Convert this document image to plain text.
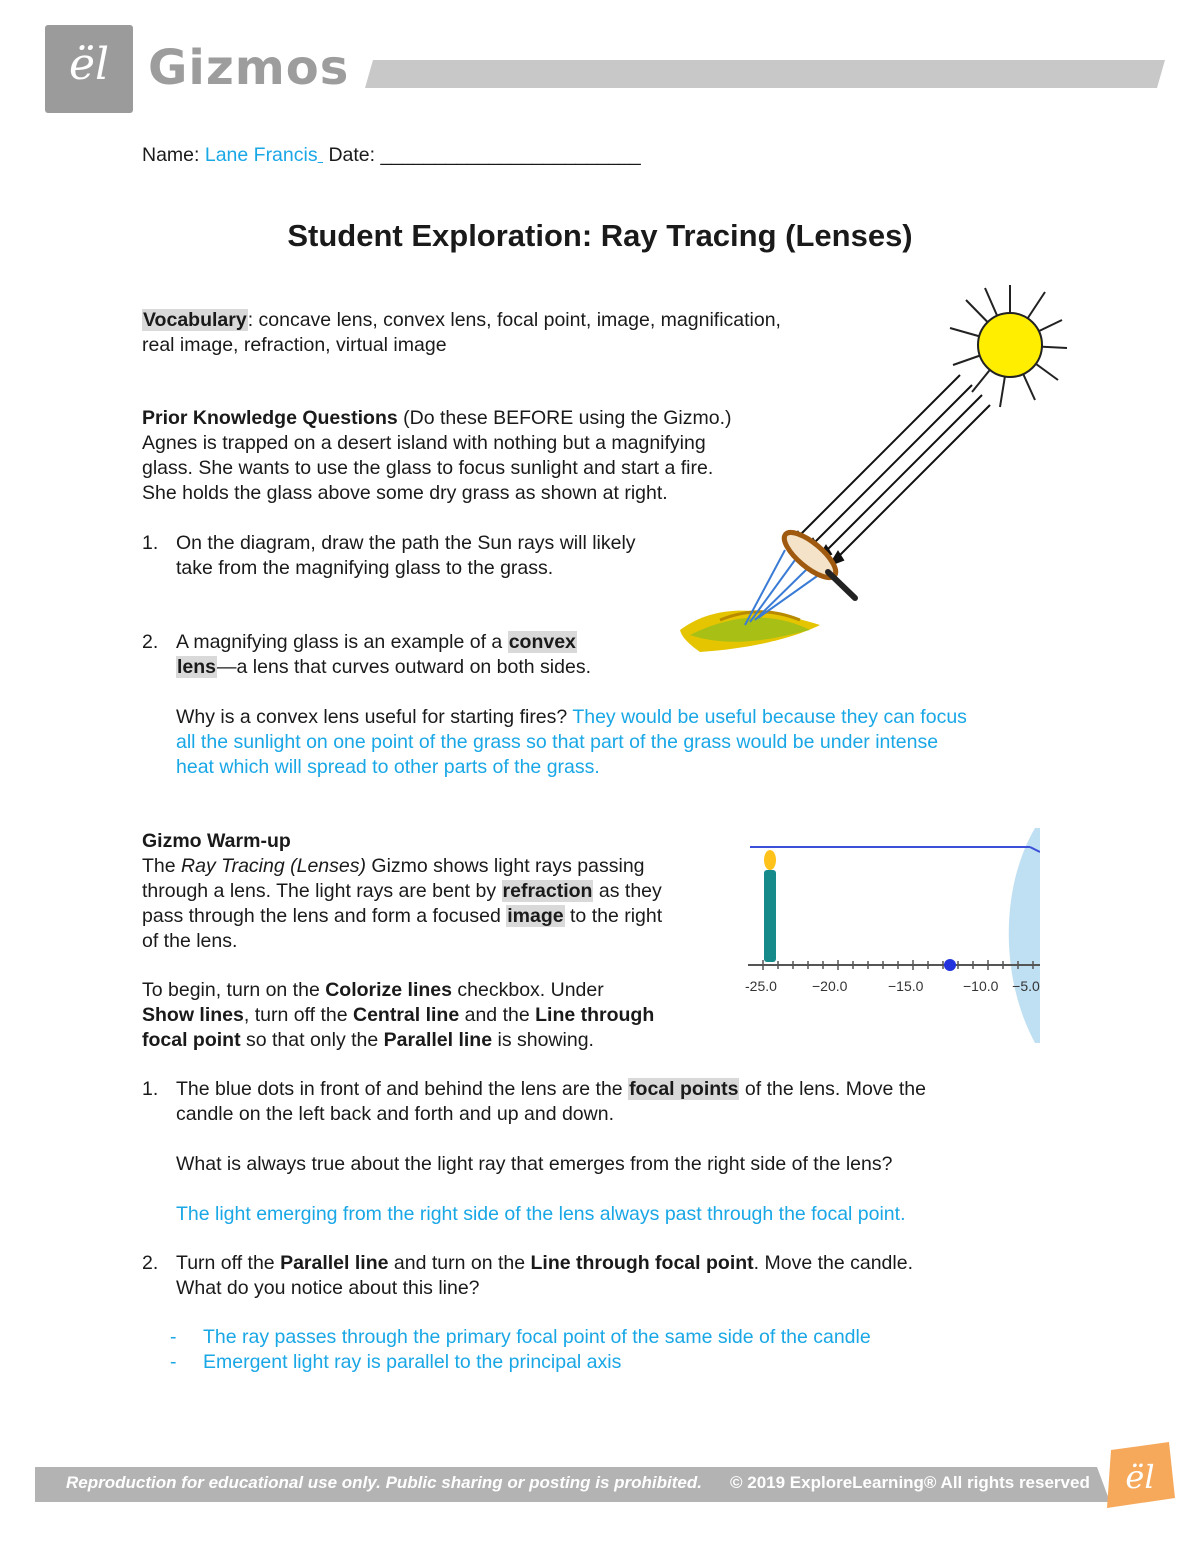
ël Gizmos
Name: Lane Francis Date: ________________________
Student Exploration: Ray Tracing (Lenses)
Vocabulary: concave lens, convex lens, focal point, image, magnification,
real image, refraction, virtual image
Prior Knowledge Questions (Do these BEFORE using the Gizmo.)
Agnes is trapped on a desert island with nothing but a magnifying
glass. She wants to use the glass to focus sunlight and start a fire.
She holds the glass above some dry grass as shown at right.
1. On the diagram, draw the path the Sun rays will likely
take from the magnifying glass to the grass.
2. A magnifying glass is an example of a convex
lens—a lens that curves outward on both sides.
Why is a convex lens useful for starting fires? They would be useful because they can focus
all the sunlight on one point of the grass so that part of the grass would be under intense
heat which will spread to other parts of the grass.
Gizmo Warm-up
The Ray Tracing (Lenses) Gizmo shows light rays passing
through a lens. The light rays are bent by refraction as they
pass through the lens and form a focused image to the right
of the lens.
To begin, turn on the Colorize lines checkbox. Under
Show lines, turn off the Central line and the Line through
focal point so that only the Parallel line is showing.
-25.0	−20.0	−15.0	−10.0 −5.0
1. The blue dots in front of and behind the lens are the focal points of the lens. Move the
candle on the left back and forth and up and down.
What is always true about the light ray that emerges from the right side of the lens?
The light emerging from the right side of the lens always past through the focal point.
2. Turn off the Parallel line and turn on the Line through focal point. Move the candle.
What do you notice about this line?
- The ray passes through the primary focal point of the same side of the candle
- Emergent light ray is parallel to the principal axis
Reproduction for educational use only. Public sharing or posting is prohibited. © 2019 ExploreLearning® All rights reserved ël
